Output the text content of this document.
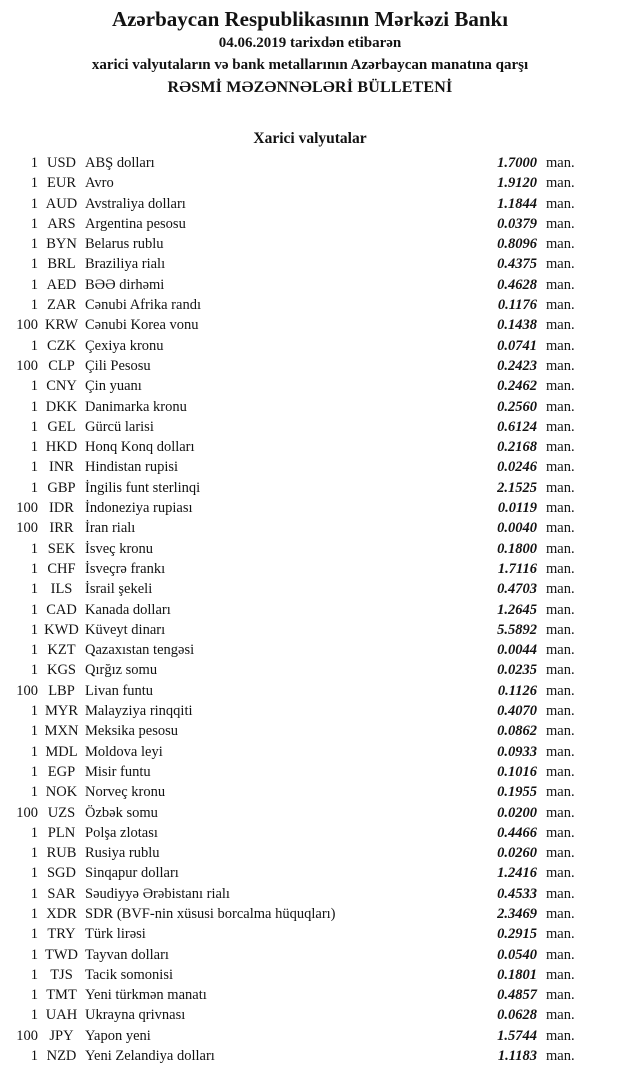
Azərbaycan Respublikasının Mərkəzi Bankı
04.06.2019 tarixdən etibarən
xarici valyutaların və bank metallarının Azərbaycan manatına qarşı
RƏSMİ MƏZƏNNƏLƏRİ BÜLLETENİ
Xarici valyutalar
1 USD ABŞ dolları	1.7000 man.
1 EUR Avro	1.9120 man.
1 AUD Avstraliya dolları	1.1844 man.
1 ARS Argentina pesosu	0.0379 man.
1 BYN Belarus rublu	0.8096 man.
1 BRL Braziliya rialı	0.4375 man.
1 AED BƏƏ dirhəmi	0.4628 man.
1 ZAR Cənubi Afrika randı	0.1176 man.
100 KRW Cənubi Korea vonu	0.1438 man.
1 CZK Çexiya kronu	0.0741 man.
100 CLP Çili Pesosu	0.2423 man.
1 CNY Çin yuanı	0.2462 man.
1 DKK Danimarka kronu	0.2560 man.
1 GEL Gürcü larisi	0.6124 man.
1 HKD Honq Konq dolları	0.2168 man.
1 INR Hindistan rupisi	0.0246 man.
1 GBP İngilis funt sterlinqi	2.1525 man.
100 IDR İndoneziya rupiası	0.0119 man.
100 IRR İran rialı	0.0040 man.
1 SEK İsveç kronu	0.1800 man.
1 CHF İsveçrə frankı	1.7116 man.
1 ILS İsrail şekeli	0.4703 man.
1 CAD Kanada dolları	1.2645 man.
1 KWD Küveyt dinarı	5.5892 man.
1 KZT Qazaxıstan tengəsi	0.0044 man.
1 KGS Qırğız somu	0.0235 man.
100 LBP Livan funtu	0.1126 man.
1 MYR Malayziya rinqqiti	0.4070 man.
1 MXN Meksika pesosu	0.0862 man.
1 MDL Moldova leyi	0.0933 man.
1 EGP Misir funtu	0.1016 man.
1 NOK Norveç kronu	0.1955 man.
100 UZS Özbək somu	0.0200 man.
1 PLN Polşa zlotası	0.4466 man.
1 RUB Rusiya rublu	0.0260 man.
1 SGD Sinqapur dolları	1.2416 man.
1 SAR Səudiyyə Ərəbistanı rialı	0.4533 man.
1 XDR SDR (BVF-nin xüsusi borcalma hüquqları)	2.3469 man.
1 TRY Türk lirəsi	0.2915 man.
1 TWD Tayvan dolları	0.0540 man.
1 TJS Tacik somonisi	0.1801 man.
1 TMT Yeni türkmən manatı	0.4857 man.
1 UAH Ukrayna qrivnası	0.0628 man.
100 JPY Yapon yeni	1.5744 man.
1 NZD Yeni Zelandiya dolları	1.1183 man.
